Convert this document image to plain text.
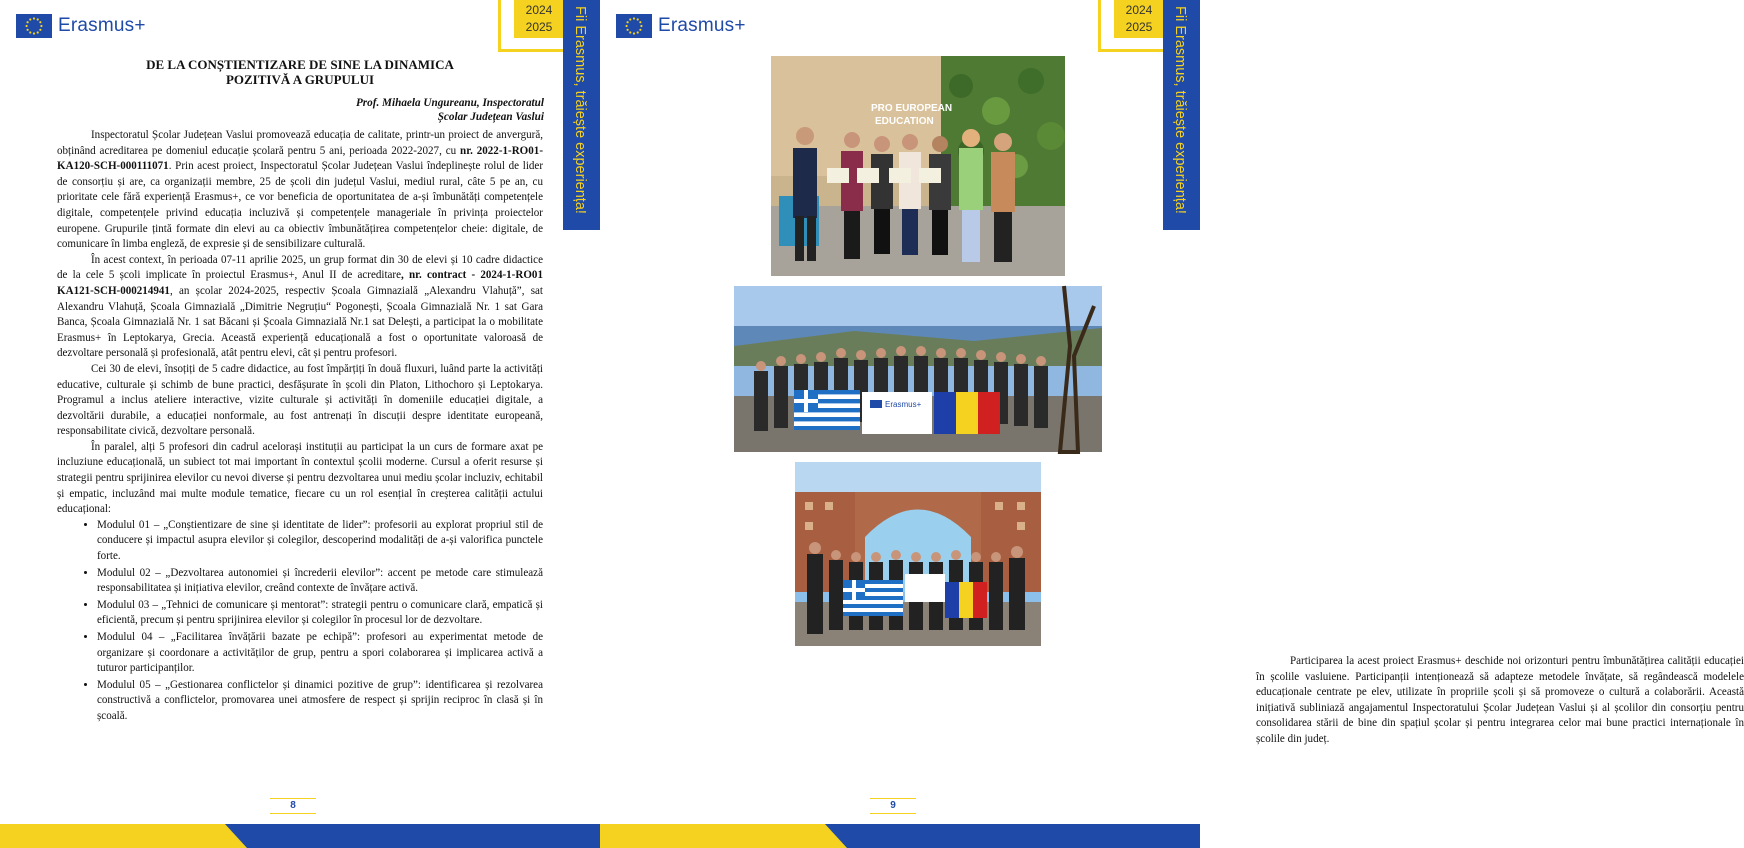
Erasmus+
2024
2025	Fii Erasmus, trăiește experiența!
DE LA CONȘTIENTIZARE DE SINE LA DINAMICA
POZITIVĂ A GRUPULUI
Prof. Mihaela Ungureanu, Inspectoratul
Școlar Județean Vaslui

Inspectoratul Școlar Județean Vaslui promovează educația de calitate, printr-un proiect de anvergură, obținând acreditarea pe domeniul educație școlară pentru 5 ani, perioada 2022-2027, cu nr. 2022-1-RO01-KA120-SCH-000111071. Prin acest proiect, Inspectoratul Școlar Județean Vaslui îndeplinește rolul de lider de consorțiu și are, ca organizații membre, 25 de școli din județul Vaslui, mediul rural, câte 5 pe an, cu prioritate cele fără experiență Erasmus+, ce vor beneficia de oportunitatea de a-și îmbunătăți competențele digitale, competențele privind educația incluzivă și competențele manageriale în privința proiectelor europene. Grupurile țintă formate din elevi au ca obiectiv îmbunătățirea competențelor cheie: digitale, de comunicare în limba engleză, de expresie și de sensibilizare culturală.

În acest context, în perioada 07-11 aprilie 2025, un grup format din 30 de elevi și 10 cadre didactice de la cele 5 școli implicate în proiectul Erasmus+, Anul II de acreditare, nr. contract - 2024-1-RO01 KA121-SCH-000214941, an școlar 2024-2025, respectiv Școala Gimnazială „Alexandru Vlahuță”, sat Alexandru Vlahuță, Școala Gimnazială „Dimitrie Negruțiu“ Pogonești, Școala Gimnazială Nr. 1 sat Gara Banca, Școala Gimnazială Nr. 1 sat Băcani și Școala Gimnazială Nr.1 sat Delești, a participat la o mobilitate Erasmus+ în Leptokarya, Grecia. Această experiență educațională a fost o oportunitate valoroasă de dezvoltare personală și profesională, atât pentru elevi, cât și pentru profesori.

Cei 30 de elevi, însoțiți de 5 cadre didactice, au fost împărțiți în două fluxuri, luând parte la activități educative, culturale și schimb de bune practici, desfășurate în școli din Platon, Lithochoro și Leptokarya. Programul a inclus ateliere interactive, vizite culturale și activități în domeniile educației digitale, a dezvoltării durabile, a educației nonformale, au fost antrenați în discuții despre identitate europeană, responsabilitate civică, dezvoltare personală.

În paralel, alți 5 profesori din cadrul acelorași instituții au participat la un curs de formare axat pe incluziune educațională, un subiect tot mai important în contextul școlii moderne. Cursul a oferit resurse și strategii pentru sprijinirea elevilor cu nevoi diverse și pentru dezvoltarea unui mediu școlar incluziv, echitabil și empatic, incluzând mai multe module tematice, fiecare cu un rol esențial în creșterea calității actului educațional:

• Modulul 01 – „Conștientizare de sine și identitate de lider”: profesorii au explorat propriul stil de conducere și impactul asupra elevilor și colegilor, descoperind modalități de a-și valorifica punctele forte.
• Modulul 02 – „Dezvoltarea autonomiei și încrederii elevilor”: accent pe metode care stimulează responsabilitatea și inițiativa elevilor, creând contexte de învățare activă.
• Modulul 03 – „Tehnici de comunicare și mentorat”: strategii pentru o comunicare clară, empatică și eficientă, precum și pentru sprijinirea elevilor și colegilor în procesul lor de dezvoltare.
• Modulul 04 – „Facilitarea învățării bazate pe echipă”: profesori au experimentat metode de organizare și coordonare a activităților de grup, pentru a spori colaborarea și implicarea activă a tuturor participanților.
• Modulul 05 – „Gestionarea conflictelor și dinamici pozitive de grup”: identificarea și rezolvarea constructivă a conflictelor, promovarea unei atmosfere de respect și sprijin reciproc în clasă și în școală.
8
Erasmus+
2024
2025	Fii Erasmus, trăiește experiența!
PRO EUROPEAN
EDUCATION
Erasmus+

Participarea la acest proiect Erasmus+ deschide noi orizonturi pentru îmbunătățirea calității educației în școlile vasluiene. Participanții intenționează să adapteze metodele învățate, să regândească modelele educaționale centrate pe elev, utilizate în propriile școli și să promoveze o cultură a colaborării. Această inițiativă subliniază angajamentul Inspectoratului Școlar Județean Vaslui și al școlilor din consorțiu pentru consolidarea stării de bine din spațiul școlar și pentru integrarea celor mai bune practici internaționale în școlile din județ.

9
